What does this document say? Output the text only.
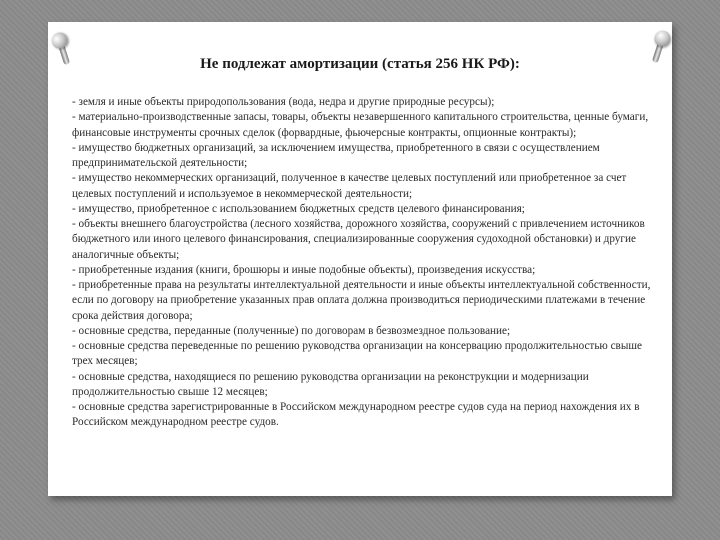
Не подлежат амортизации (статья 256 НК РФ):

- земля и иные объекты природопользования (вода, недра и другие природные ресурсы);

- материально-производственные запасы, товары, объекты незавершенного капитального строительства, ценные бумаги, финансовые инструменты срочных сделок (форвардные, фьючерсные контракты, опционные контракты);

- имущество бюджетных организаций, за исключением имущества, приобретенного в связи с осуществлением предпринимательской деятельности;

- имущество некоммерческих организаций, полученное в качестве целевых поступлений или приобретенное за счет целевых поступлений и используемое в некоммерческой деятельности;

- имущество, приобретенное с использованием бюджетных средств целевого финансирования;

- объекты внешнего благоустройства (лесного хозяйства, дорожного хозяйства, сооружений с привлечением источников бюджетного или иного целевого финансирования, специализированные сооружения судоходной обстановки) и другие аналогичные объекты;

- приобретенные издания (книги, брошюры и иные подобные объекты), произведения искусства;

- приобретенные права на результаты интеллектуальной деятельности и иные объекты интеллектуальной собственности, если по договору на приобретение указанных прав оплата должна производиться периодическими платежами в течение срока действия договора;

- основные средства, переданные (полученные) по договорам в безвозмездное пользование;

- основные средства переведенные по решению руководства организации на консервацию продолжительностью свыше трех месяцев;

- основные средства, находящиеся по решению руководства организации на реконструкции и модернизации продолжительностью свыше 12 месяцев;

- основные средства зарегистрированные в Российском международном реестре судов суда на период нахождения их в Российском международном реестре судов.
